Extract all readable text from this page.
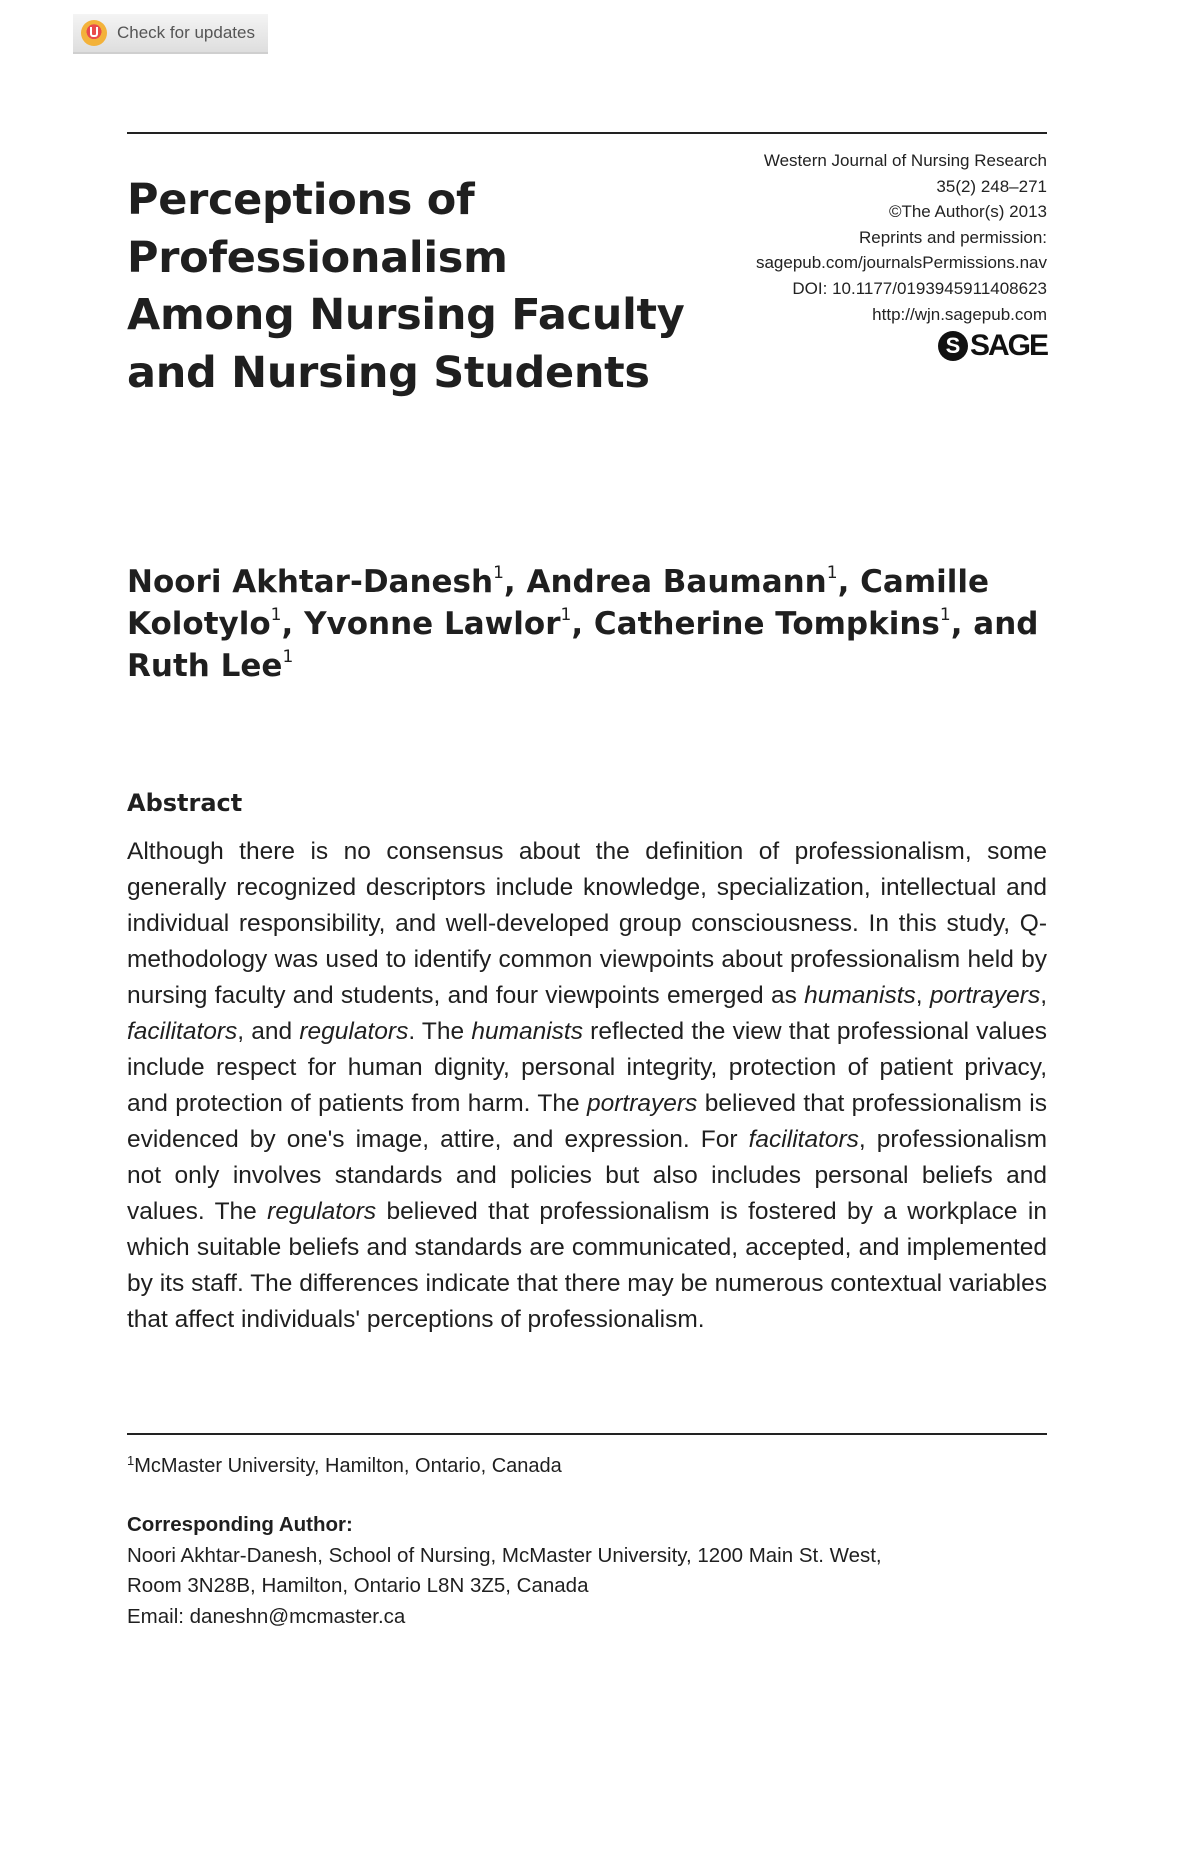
Check for updates
Perceptions of Professionalism Among Nursing Faculty and Nursing Students
Western Journal of Nursing Research
35(2) 248–271
©The Author(s) 2013
Reprints and permission:
sagepub.com/journalsPermissions.nav
DOI: 10.1177/0193945911408623
http://wjn.sagepub.com
S SAGE

Noori Akhtar-Danesh$^1$, Andrea Baumann$^1$, Camille Kolotylo$^1$, Yvonne Lawlor$^1$, Catherine Tompkins$^1$, and Ruth Lee$^1$

Abstract

Although there is no consensus about the definition of professionalism, some generally recognized descriptors include knowledge, specialization, intellectual and individual responsibility, and well-developed group consciousness. In this study, Q-methodology was used to identify common viewpoints about professionalism held by nursing faculty and students, and four viewpoints emerged as humanists, portrayers, facilitators, and regulators. The humanists reflected the view that professional values include respect for human dignity, personal integrity, protection of patient privacy, and protection of patients from harm. The portrayers believed that professionalism is evidenced by one's image, attire, and expression. For facilitators, professionalism not only involves standards and policies but also includes personal beliefs and values. The regulators believed that professionalism is fostered by a workplace in which suitable beliefs and standards are communicated, accepted, and implemented by its staff. The differences indicate that there may be numerous contextual variables that affect individuals' perceptions of professionalism.

$^1$McMaster University, Hamilton, Ontario, Canada
Corresponding Author:
Noori Akhtar-Danesh, School of Nursing, McMaster University, 1200 Main St. West,
Room 3N28B, Hamilton, Ontario L8N 3Z5, Canada
Email: daneshn@mcmaster.ca
